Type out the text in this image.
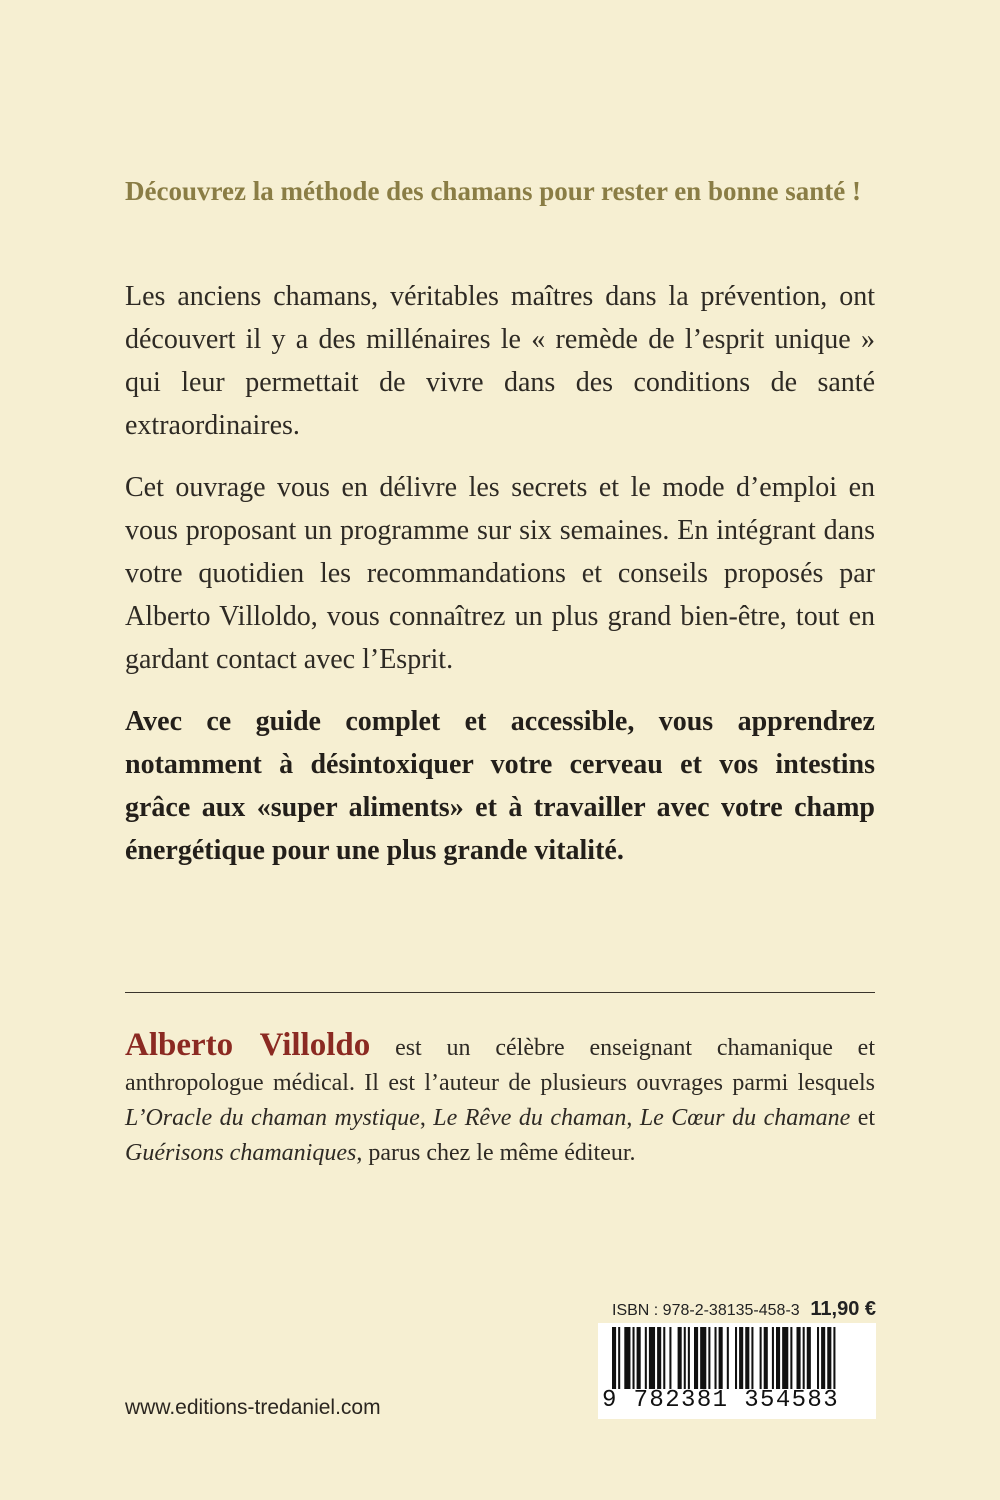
Découvrez la méthode des chamans pour rester en bonne santé !

Les anciens chamans, véritables maîtres dans la prévention, ont découvert il y a des millénaires le « remède de l’esprit unique » qui leur permettait de vivre dans des conditions de santé extraordinaires.

Cet ouvrage vous en délivre les secrets et le mode d’emploi en vous proposant un programme sur six semaines. En intégrant dans votre quotidien les recommandations et conseils proposés par Alberto Villoldo, vous connaîtrez un plus grand bien-être, tout en gardant contact avec l’Esprit.

Avec ce guide complet et accessible, vous apprendrez notamment à désintoxiquer votre cerveau et vos intestins grâce aux «super aliments» et à travailler avec votre champ énergétique pour une plus grande vitalité.

Alberto Villoldo est un célèbre enseignant chamanique et anthropologue médical. Il est l’auteur de plusieurs ouvrages parmi lesquels L’Oracle du chaman mystique, Le Rêve du chaman, Le Cœur du chamane et Guérisons chamaniques, parus chez le même éditeur.

www.editions-tredaniel.com
ISBN : 978-2-38135-458-3 11,90 €
9 782381 354583
